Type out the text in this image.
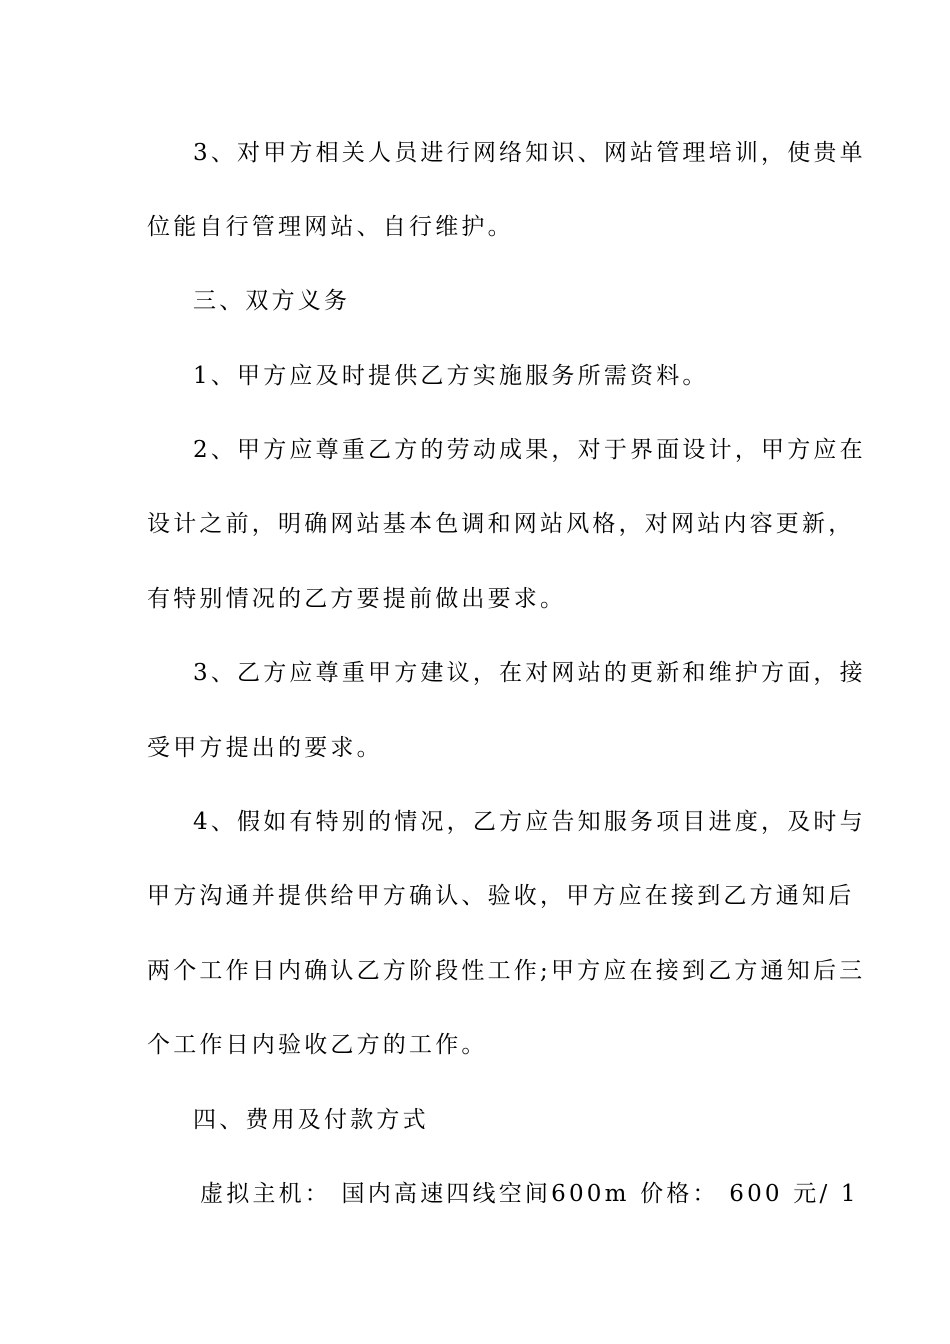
3、对甲方相关人员进行网络知识、网站管理培训，使贵单
位能自行管理网站、自行维护。
三、双方义务
1、甲方应及时提供乙方实施服务所需资料。
2、甲方应尊重乙方的劳动成果，对于界面设计，甲方应在
设计之前，明确网站基本色调和网站风格，对网站内容更新，
有特别情况的乙方要提前做出要求。
3、乙方应尊重甲方建议，在对网站的更新和维护方面，接
受甲方提出的要求。
4、假如有特别的情况，乙方应告知服务项目进度，及时与
甲方沟通并提供给甲方确认、验收，甲方应在接到乙方通知后
两个工作日内确认乙方阶段性工作;甲方应在接到乙方通知后三
个工作日内验收乙方的工作。
四、费用及付款方式
虚拟主机： 国内高速四线空间600m 价格： 600 元/ 1
